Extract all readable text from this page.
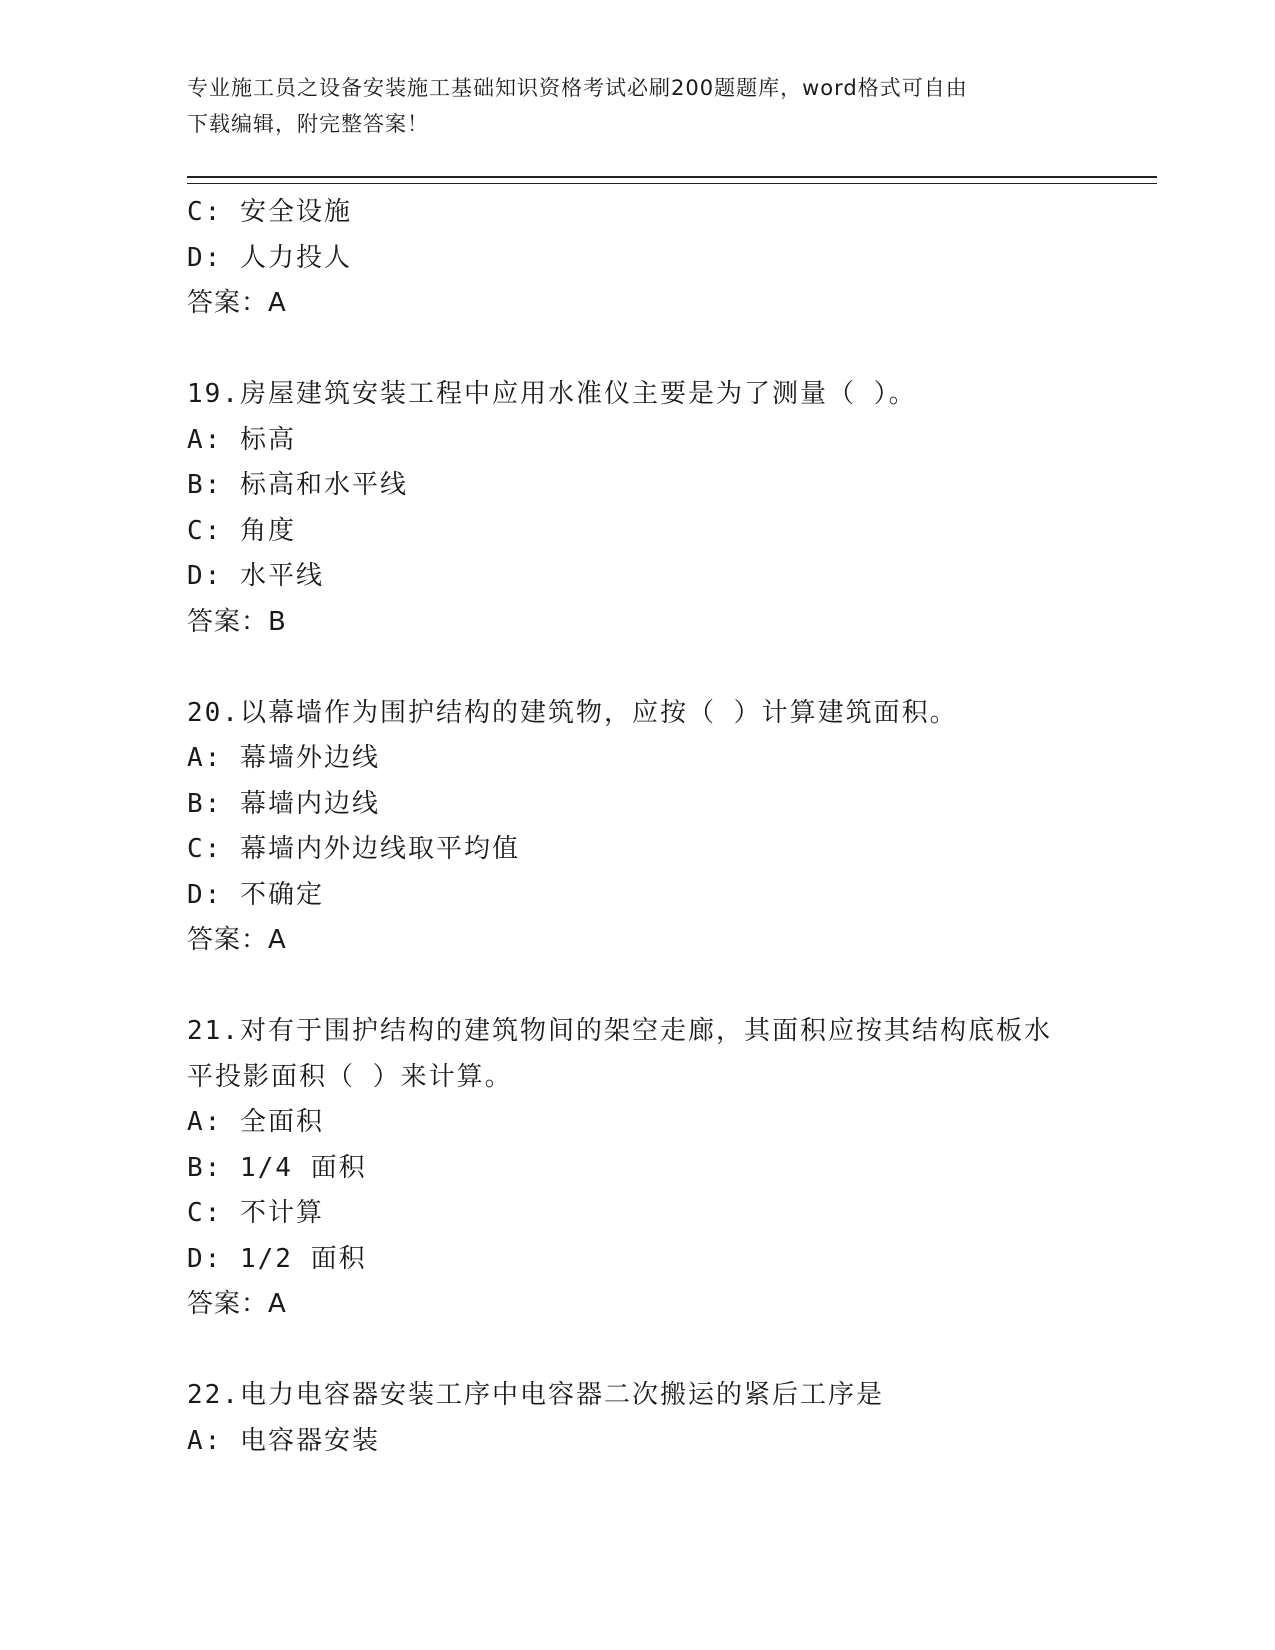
专业施工员之设备安装施工基础知识资格考试必刷200题题库，word格式可自由
下载编辑，附完整答案！
C: 安全设施
D: 人力投人
答案：A
19.房屋建筑安装工程中应用水准仪主要是为了测量（ ）。
A: 标高
B: 标高和水平线
C: 角度
D: 水平线
答案：B
20.以幕墙作为围护结构的建筑物，应按（ ）计算建筑面积。
A: 幕墙外边线
B: 幕墙内边线
C: 幕墙内外边线取平均值
D: 不确定
答案：A
21.对有于围护结构的建筑物间的架空走廊，其面积应按其结构底板水
平投影面积（ ）来计算。
A: 全面积
B: 1/4 面积
C: 不计算
D: 1/2 面积
答案：A
22.电力电容器安装工序中电容器二次搬运的紧后工序是
A: 电容器安装
